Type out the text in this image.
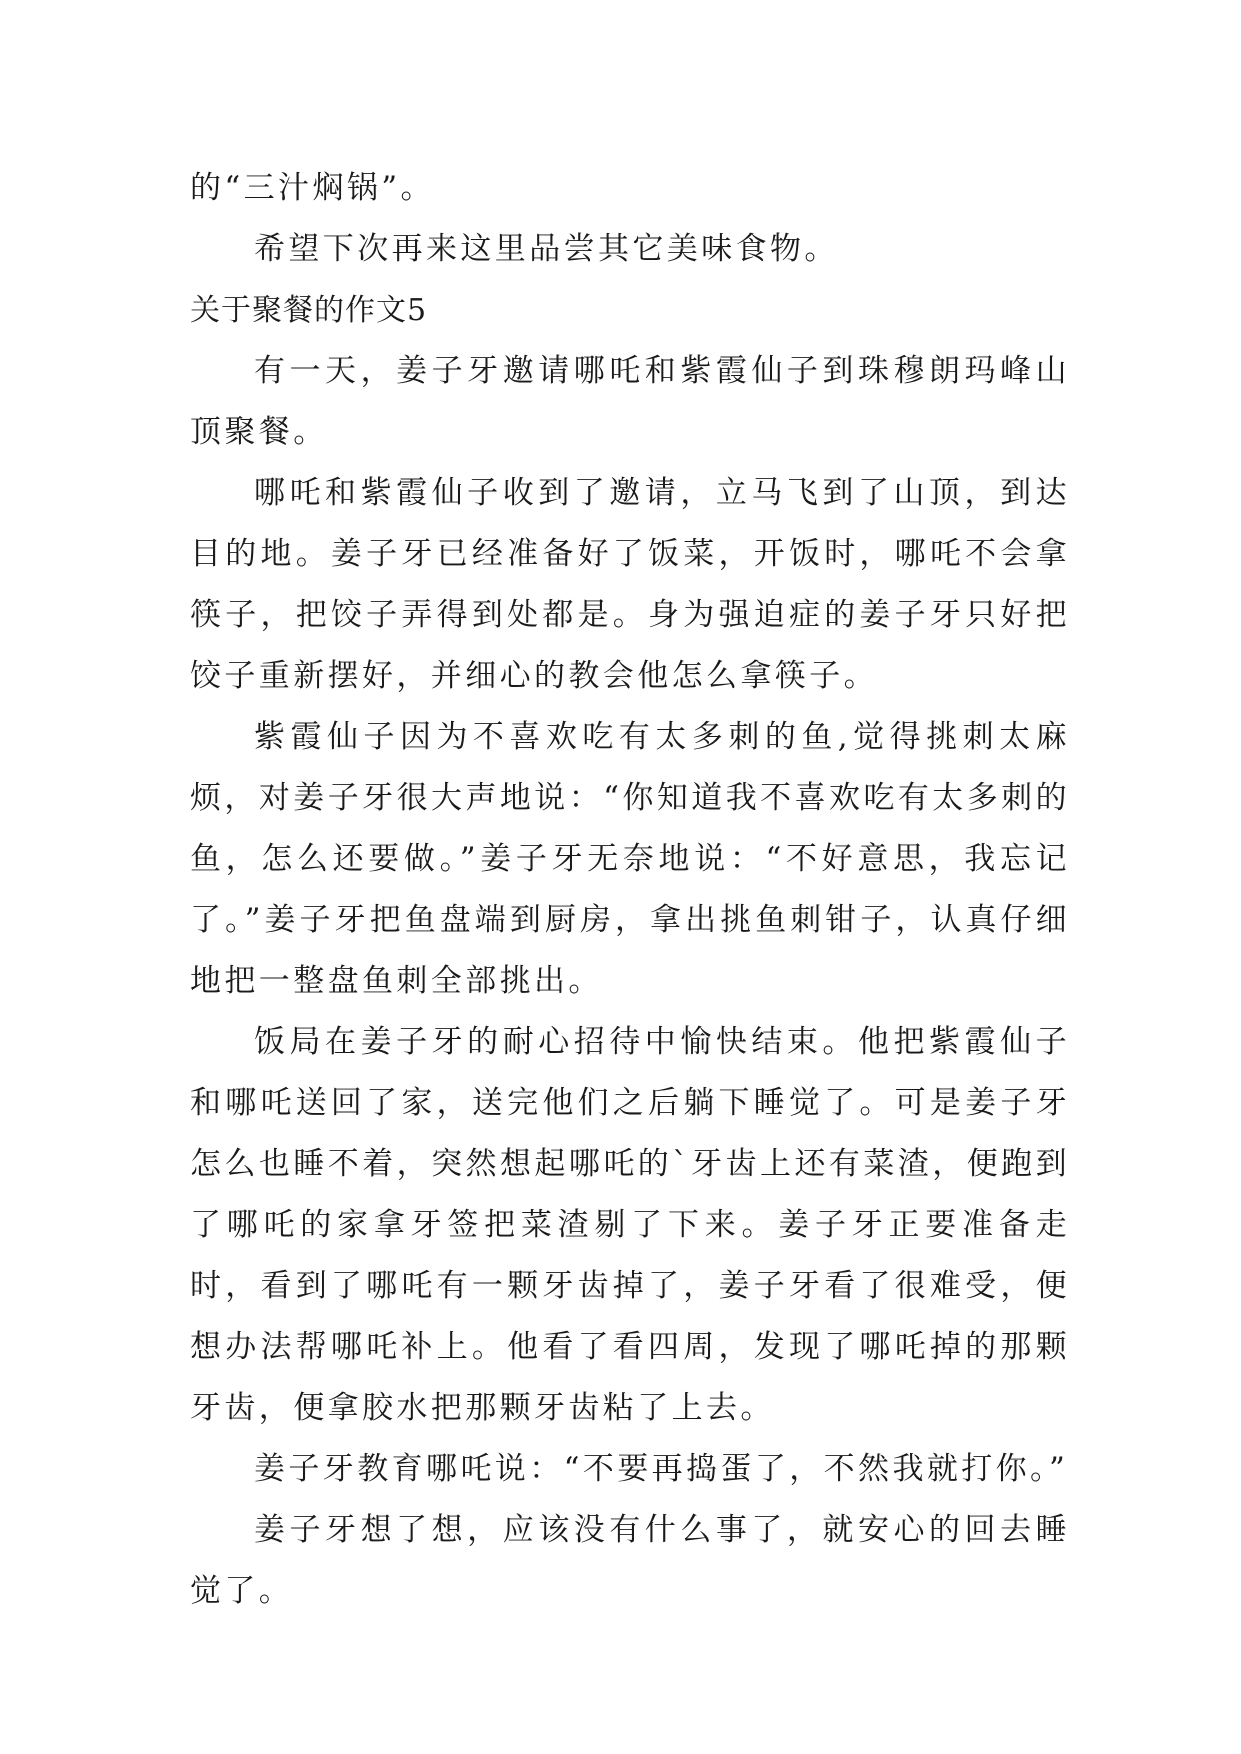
的“三汁焖锅”。

希望下次再来这里品尝其它美味食物。

关于聚餐的作文5

有一天，姜子牙邀请哪吒和紫霞仙子到珠穆朗玛峰山顶聚餐。

哪吒和紫霞仙子收到了邀请，立马飞到了山顶，到达目的地。姜子牙已经准备好了饭菜，开饭时，哪吒不会拿筷子，把饺子弄得到处都是。身为强迫症的姜子牙只好把饺子重新摆好，并细心的教会他怎么拿筷子。

紫霞仙子因为不喜欢吃有太多刺的鱼,觉得挑刺太麻烦，对姜子牙很大声地说：“你知道我不喜欢吃有太多刺的鱼，怎么还要做。”姜子牙无奈地说：“不好意思，我忘记了。”姜子牙把鱼盘端到厨房，拿出挑鱼刺钳子，认真仔细地把一整盘鱼刺全部挑出。

饭局在姜子牙的耐心招待中愉快结束。他把紫霞仙子和哪吒送回了家，送完他们之后躺下睡觉了。可是姜子牙怎么也睡不着，突然想起哪吒的`牙齿上还有菜渣，便跑到了哪吒的家拿牙签把菜渣剔了下来。姜子牙正要准备走时，看到了哪吒有一颗牙齿掉了，姜子牙看了很难受，便想办法帮哪吒补上。他看了看四周，发现了哪吒掉的那颗牙齿，便拿胶水把那颗牙齿粘了上去。

姜子牙教育哪吒说：“不要再捣蛋了，不然我就打你。”

姜子牙想了想，应该没有什么事了，就安心的回去睡觉了。
